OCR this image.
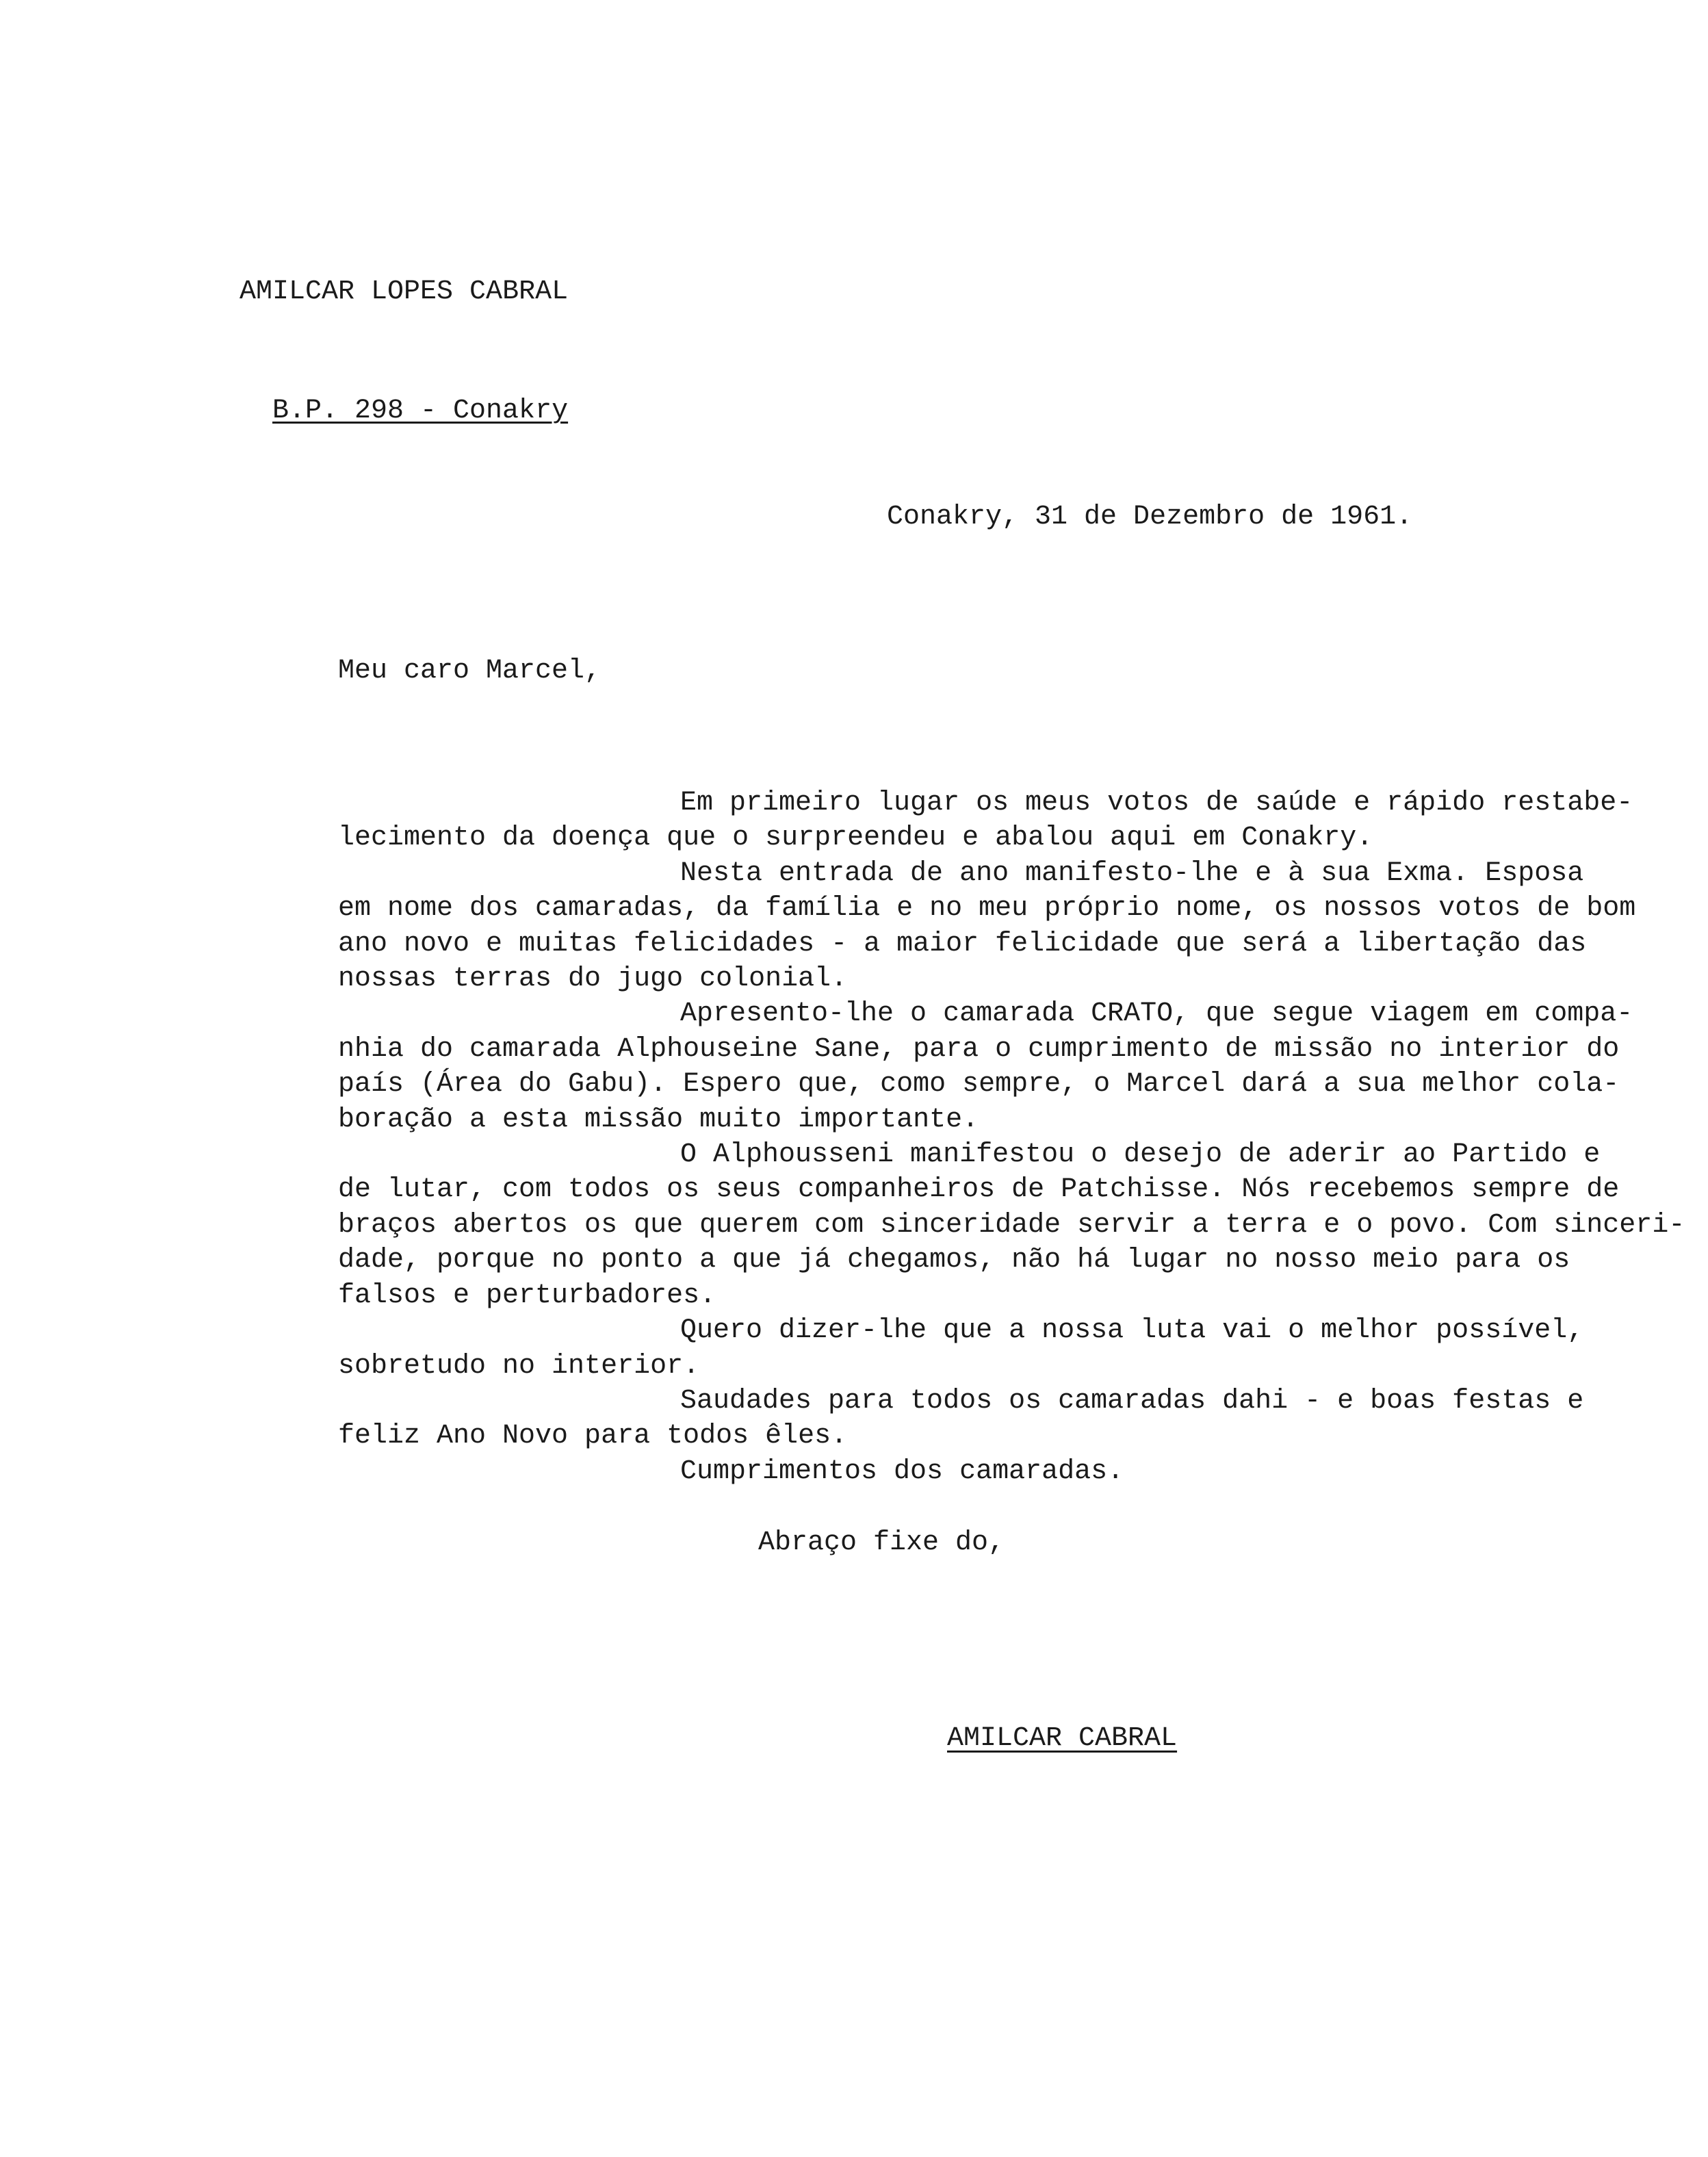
AMILCAR LOPES CABRAL

B.P. 298 - Conakry

Conakry, 31 de Dezembro de 1961.
Meu caro Marcel,
Em primeiro lugar os meus votos de saúde e rápido restabe-
lecimento da doença que o surpreendeu e abalou aqui em Conakry.
Nesta entrada de ano manifesto-lhe e à sua Exma. Esposa
em nome dos camaradas, da família e no meu próprio nome, os nossos votos de bom
ano novo e muitas felicidades - a maior felicidade que será a libertação das
nossas terras do jugo colonial.
Apresento-lhe o camarada CRATO, que segue viagem em compa-
nhia do camarada Alphouseine Sane, para o cumprimento de missão no interior do
país (Área do Gabu). Espero que, como sempre, o Marcel dará a sua melhor cola-
boração a esta missão muito importante.
O Alphousseni manifestou o desejo de aderir ao Partido e
de lutar, com todos os seus companheiros de Patchisse. Nós recebemos sempre de
braços abertos os que querem com sinceridade servir a terra e o povo. Com sinceri-
dade, porque no ponto a que já chegamos, não há lugar no nosso meio para os
falsos e perturbadores.
Quero dizer-lhe que a nossa luta vai o melhor possível,
sobretudo no interior.
Saudades para todos os camaradas dahi - e boas festas e
feliz Ano Novo para todos êles.
Cumprimentos dos camaradas.
Abraço fixe do,
AMILCAR CABRAL
